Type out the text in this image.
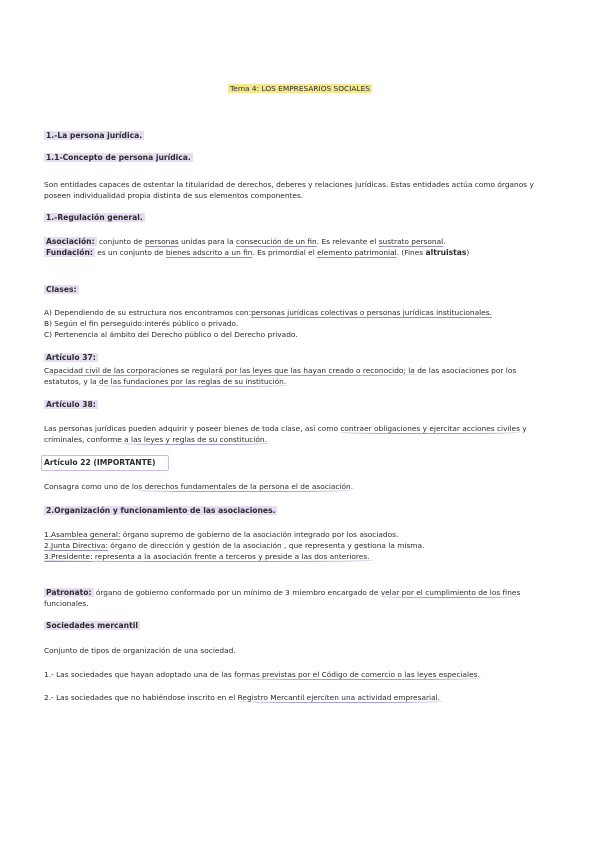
Tema 4: LOS EMPRESARIOS SOCIALES
1.-La persona jurídica.
1.1-Concepto de persona jurídica.
Son entidades capaces de ostentar la titularidad de derechos, deberes y relaciones jurídicas. Estas entidades actúa como órganos y
poseen individualidad propia distinta de sus elementos componentes.
1.-Regulación general.
Asociación: conjunto de personas unidas para la consecución de un fin. Es relevante el sustrato personal.
Fundación: es un conjunto de bienes adscrito a un fin. Es primordial el elemento patrimonial. (Fines altruistas)
Clases:
A) Dependiendo de su estructura nos encontramos con:personas jurídicas colectivas o personas jurídicas institucionales.
B) Según el fin perseguido:interés público o privado.
C) Pertenencia al ámbito del Derecho público o del Derecho privado.
Artículo 37:
Capacidad civil de las corporaciones se regulará por las leyes que las hayan creado o reconocido; la de las asociaciones por los
estatutos, y la de las fundaciones por las reglas de su institución.
Artículo 38:
Las personas jurídicas pueden adquirir y poseer bienes de toda clase, así como contraer obligaciones y ejercitar acciones civiles y
criminales, conforme a las leyes y reglas de su constitución.
Artículo 22 (IMPORTANTE)
Consagra como uno de los derechos fundamentales de la persona el de asociación.
2.Organización y funcionamiento de las asociaciones.
1.Asamblea general: órgano supremo de gobierno de la asociación integrado por los asociados.
2.Junta Directiva: órgano de dirección y gestión de la asociación , que representa y gestiona la misma.
3.Presidente: representa a la asociación frente a terceros y preside a las dos anteriores.
Patronato: órgano de gobierno conformado por un mínimo de 3 miembro encargado de velar por el cumplimiento de los fines
funcionales.
Sociedades mercantil
Conjunto de tipos de organización de una sociedad.
1.- Las sociedades que hayan adoptado una de las formas previstas por el Código de comercio o las leyes especiales.
2.- Las sociedades que no habiéndose inscrito en el Registro Mercantil ejerciten una actividad empresarial.
